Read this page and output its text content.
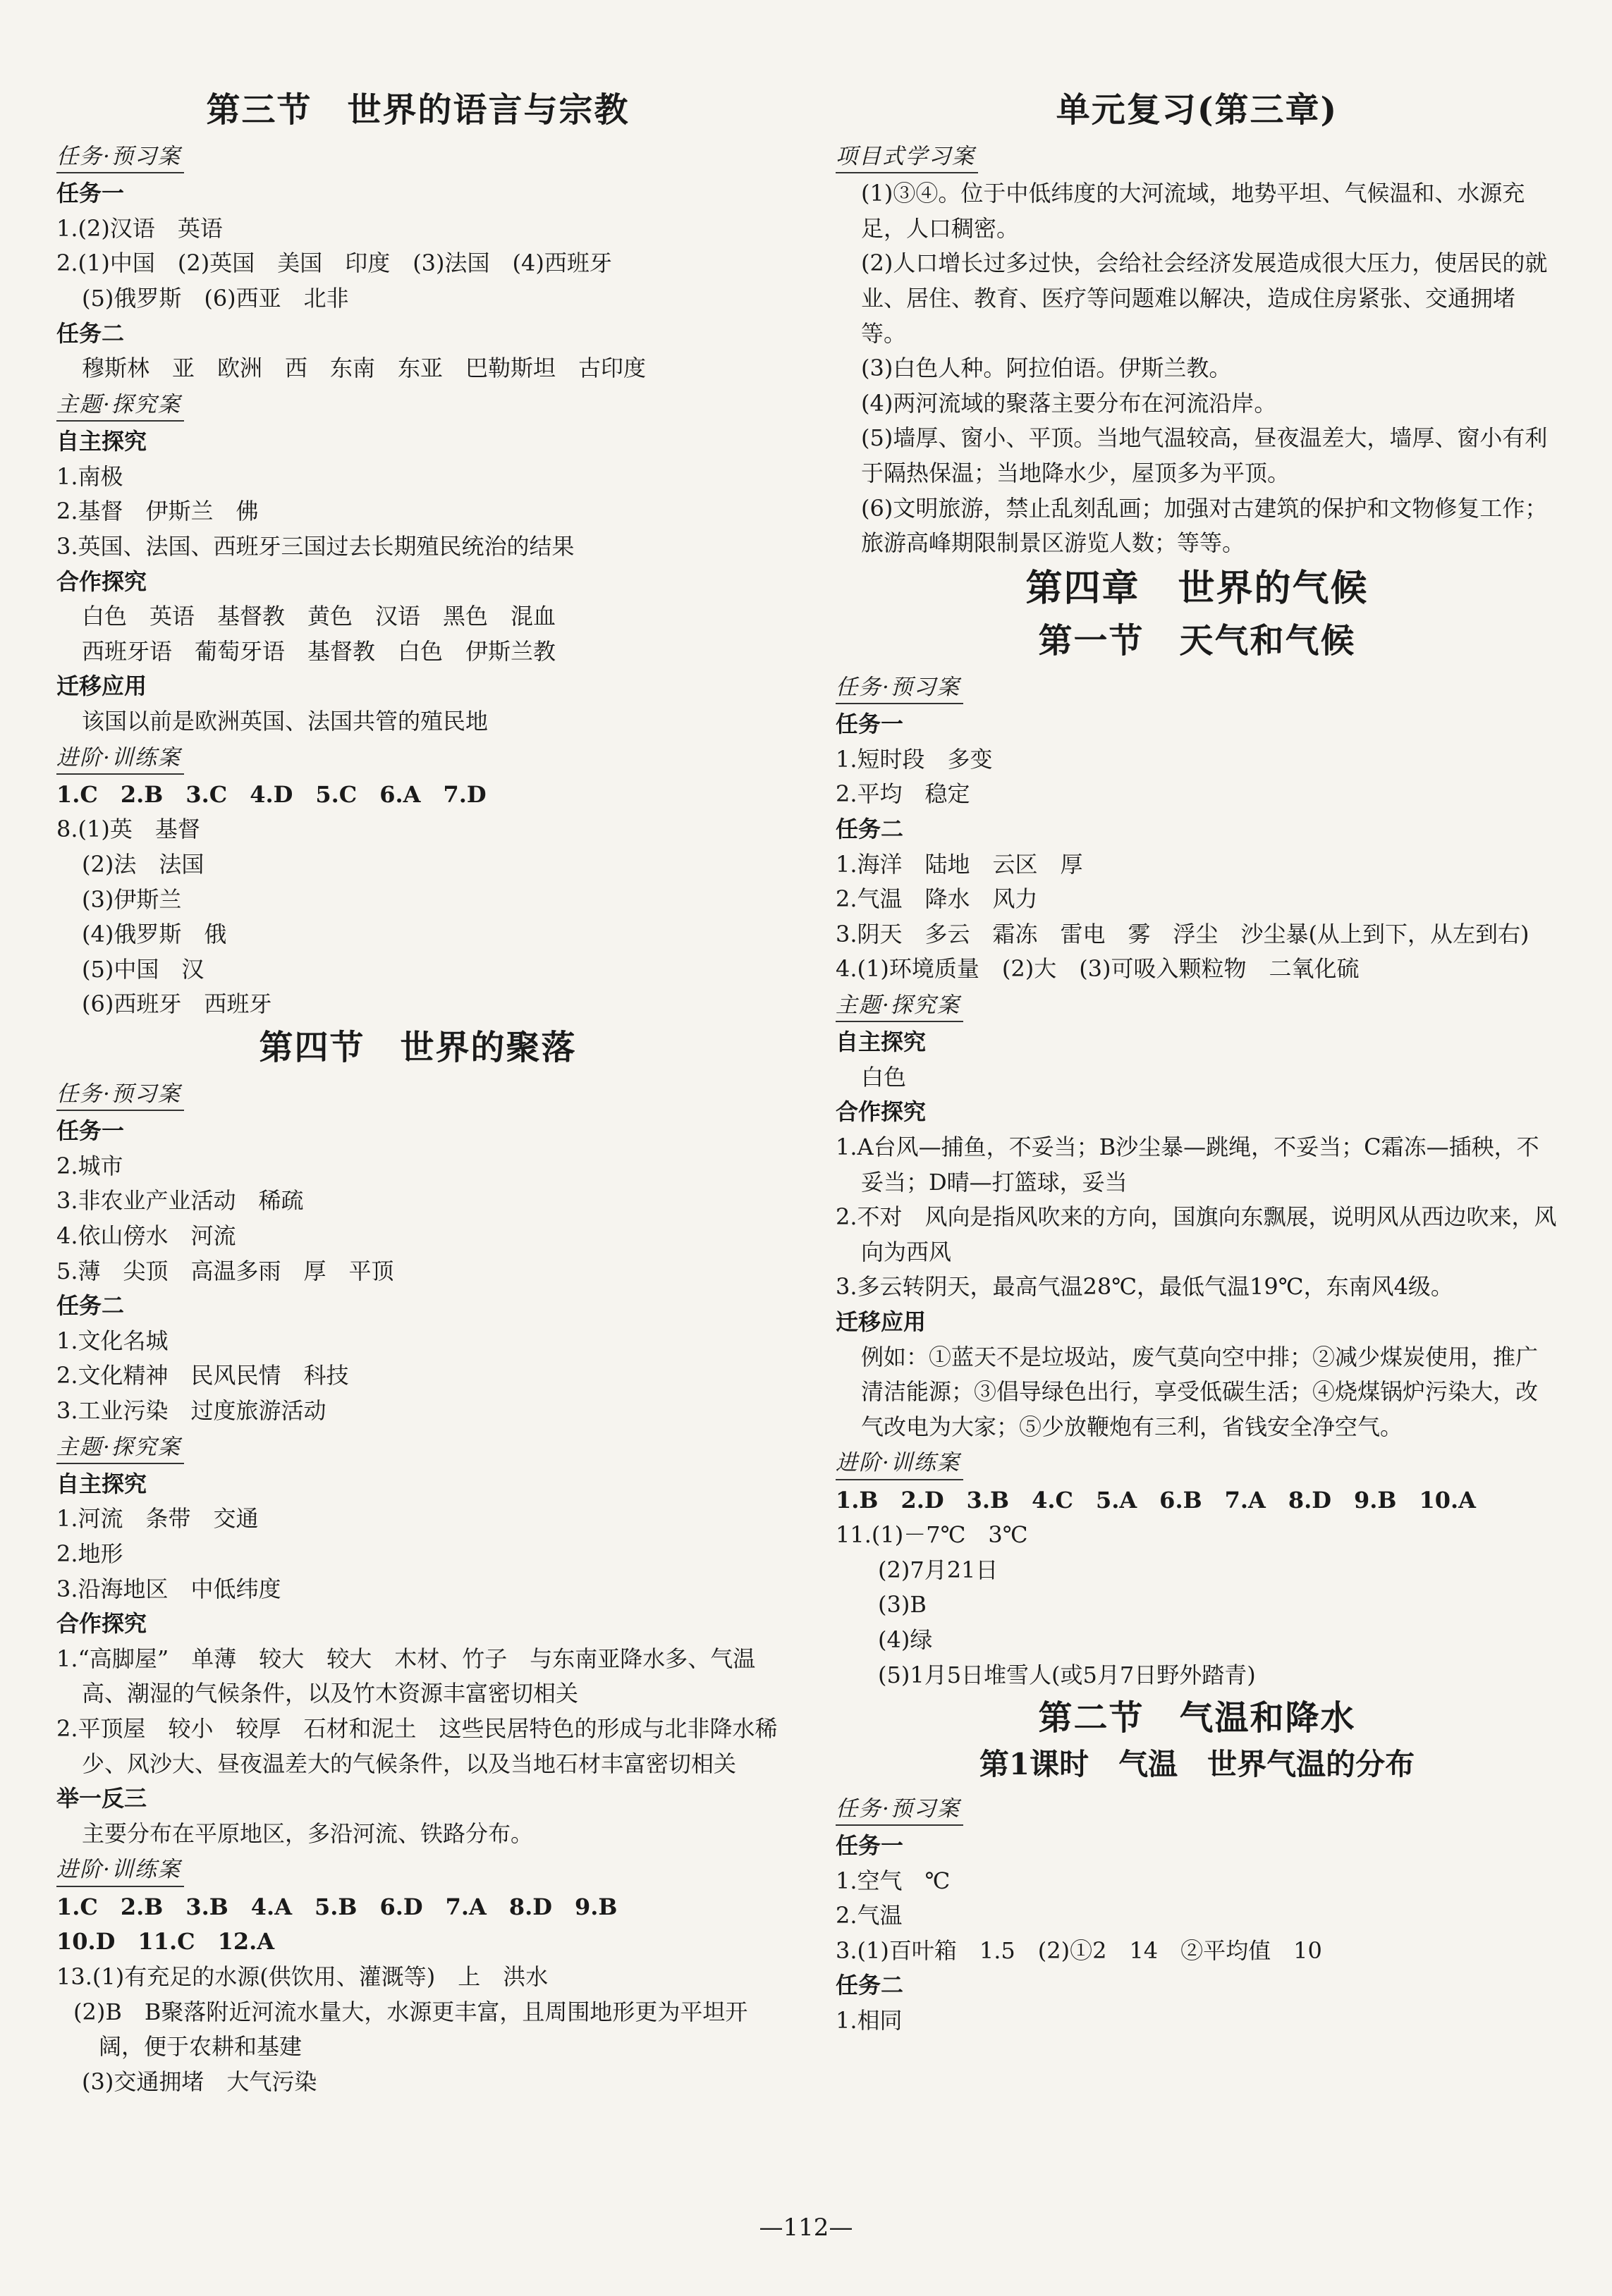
第三节　世界的语言与宗教
任务·预习案
任务一
1.(2)汉语　英语
2.(1)中国　(2)英国　美国　印度　(3)法国　(4)西班牙
(5)俄罗斯　(6)西亚　北非
任务二
穆斯林　亚　欧洲　西　东南　东亚　巴勒斯坦　古印度
主题·探究案
自主探究
1.南极
2.基督　伊斯兰　佛
3.英国、法国、西班牙三国过去长期殖民统治的结果
合作探究
白色　英语　基督教　黄色　汉语　黑色　混血
西班牙语　葡萄牙语　基督教　白色　伊斯兰教
迁移应用
该国以前是欧洲英国、法国共管的殖民地
进阶·训练案
1.C　2.B　3.C　4.D　5.C　6.A　7.D
8.(1)英　基督
(2)法　法国
(3)伊斯兰
(4)俄罗斯　俄
(5)中国　汉
(6)西班牙　西班牙
第四节　世界的聚落
任务·预习案
任务一
2.城市
3.非农业产业活动　稀疏
4.依山傍水　河流
5.薄　尖顶　高温多雨　厚　平顶
任务二
1.文化名城
2.文化精神　民风民情　科技
3.工业污染　过度旅游活动
主题·探究案
自主探究
1.河流　条带　交通
2.地形
3.沿海地区　中低纬度
合作探究
1.“高脚屋”　单薄　较大　较大　木材、竹子　与东南亚降水多、气温高、潮湿的气候条件，以及竹木资源丰富密切相关
2.平顶屋　较小　较厚　石材和泥土　这些民居特色的形成与北非降水稀少、风沙大、昼夜温差大的气候条件，以及当地石材丰富密切相关
举一反三
主要分布在平原地区，多沿河流、铁路分布。
进阶·训练案
1.C　2.B　3.B　4.A　5.B　6.D　7.A　8.D　9.B
10.D　11.C　12.A
13.(1)有充足的水源(供饮用、灌溉等)　上　洪水
(2)B　B聚落附近河流水量大，水源更丰富，且周围地形更为平坦开阔，便于农耕和基建
(3)交通拥堵　大气污染
单元复习(第三章)
项目式学习案
(1)③④。位于中低纬度的大河流域，地势平坦、气候温和、水源充足，人口稠密。
(2)人口增长过多过快，会给社会经济发展造成很大压力，使居民的就业、居住、教育、医疗等问题难以解决，造成住房紧张、交通拥堵等。
(3)白色人种。阿拉伯语。伊斯兰教。
(4)两河流域的聚落主要分布在河流沿岸。
(5)墙厚、窗小、平顶。当地气温较高，昼夜温差大，墙厚、窗小有利于隔热保温；当地降水少，屋顶多为平顶。
(6)文明旅游，禁止乱刻乱画；加强对古建筑的保护和文物修复工作；旅游高峰期限制景区游览人数；等等。
第四章　世界的气候
第一节　天气和气候
任务·预习案
任务一
1.短时段　多变
2.平均　稳定
任务二
1.海洋　陆地　云区　厚
2.气温　降水　风力
3.阴天　多云　霜冻　雷电　雾　浮尘　沙尘暴(从上到下，从左到右)
4.(1)环境质量　(2)大　(3)可吸入颗粒物　二氧化硫
主题·探究案
自主探究
白色
合作探究
1.A台风—捕鱼，不妥当；B沙尘暴—跳绳，不妥当；C霜冻—插秧，不妥当；D晴—打篮球，妥当
2.不对　风向是指风吹来的方向，国旗向东飘展，说明风从西边吹来，风向为西风
3.多云转阴天，最高气温28℃，最低气温19℃，东南风4级。
迁移应用
例如：①蓝天不是垃圾站，废气莫向空中排；②减少煤炭使用，推广清洁能源；③倡导绿色出行，享受低碳生活；④烧煤锅炉污染大，改气改电为大家；⑤少放鞭炮有三利，省钱安全净空气。
进阶·训练案
1.B　2.D　3.B　4.C　5.A　6.B　7.A　8.D　9.B　10.A
11.(1)－7℃　3℃
(2)7月21日
(3)B
(4)绿
(5)1月5日堆雪人(或5月7日野外踏青)
第二节　气温和降水
第1课时　气温　世界气温的分布
任务·预习案
任务一
1.空气　℃
2.气温
3.(1)百叶箱　1.5　(2)①2　14　②平均值　10
任务二
1.相同
—112—
